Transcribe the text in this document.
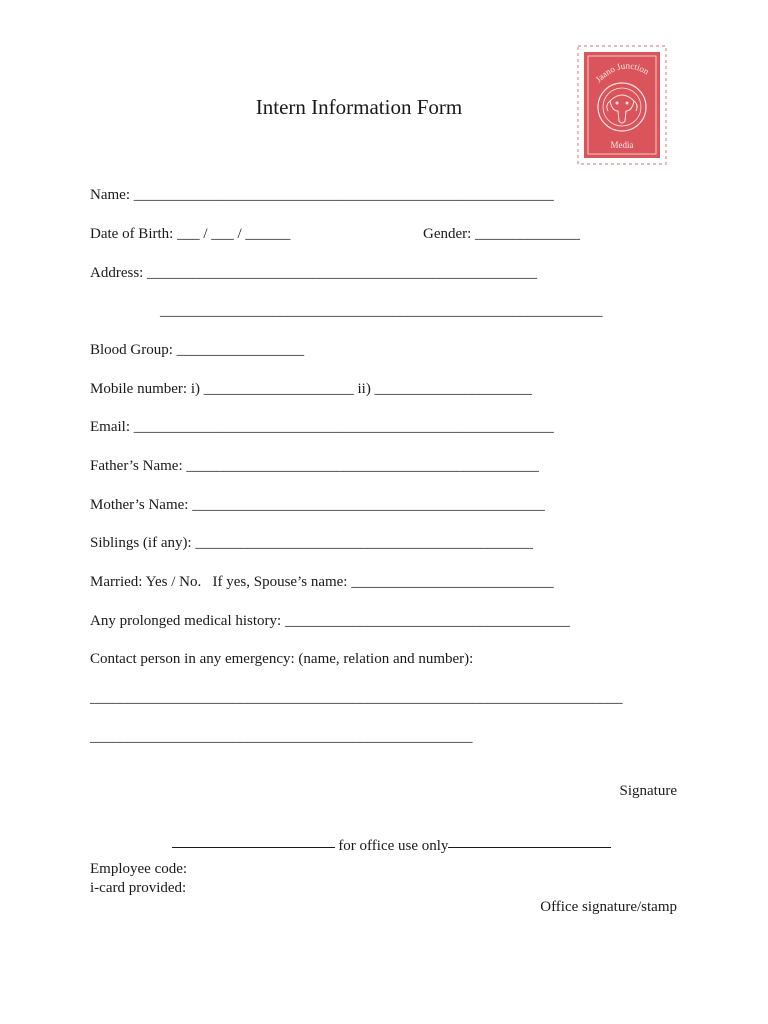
Intern Information Form
Jaano Junction
Media
Name: ________________________________________________________
Date of Birth: ___ / ___ / ______	Gender: ______________
Address: ____________________________________________________
___________________________________________________________
Blood Group: _________________
Mobile number: i) ____________________ ii) _____________________
Email: ________________________________________________________
Father’s Name: _______________________________________________
Mother’s Name: _______________________________________________
Siblings (if any): _____________________________________________
Married: Yes / No.   If yes, Spouse’s name: ___________________________
Any prolonged medical history: ______________________________________
Contact person in any emergency: (name, relation and number):
_______________________________________________________________________
___________________________________________________
Signature

for office use only

Employee code:
i-card provided:
Office signature/stamp
